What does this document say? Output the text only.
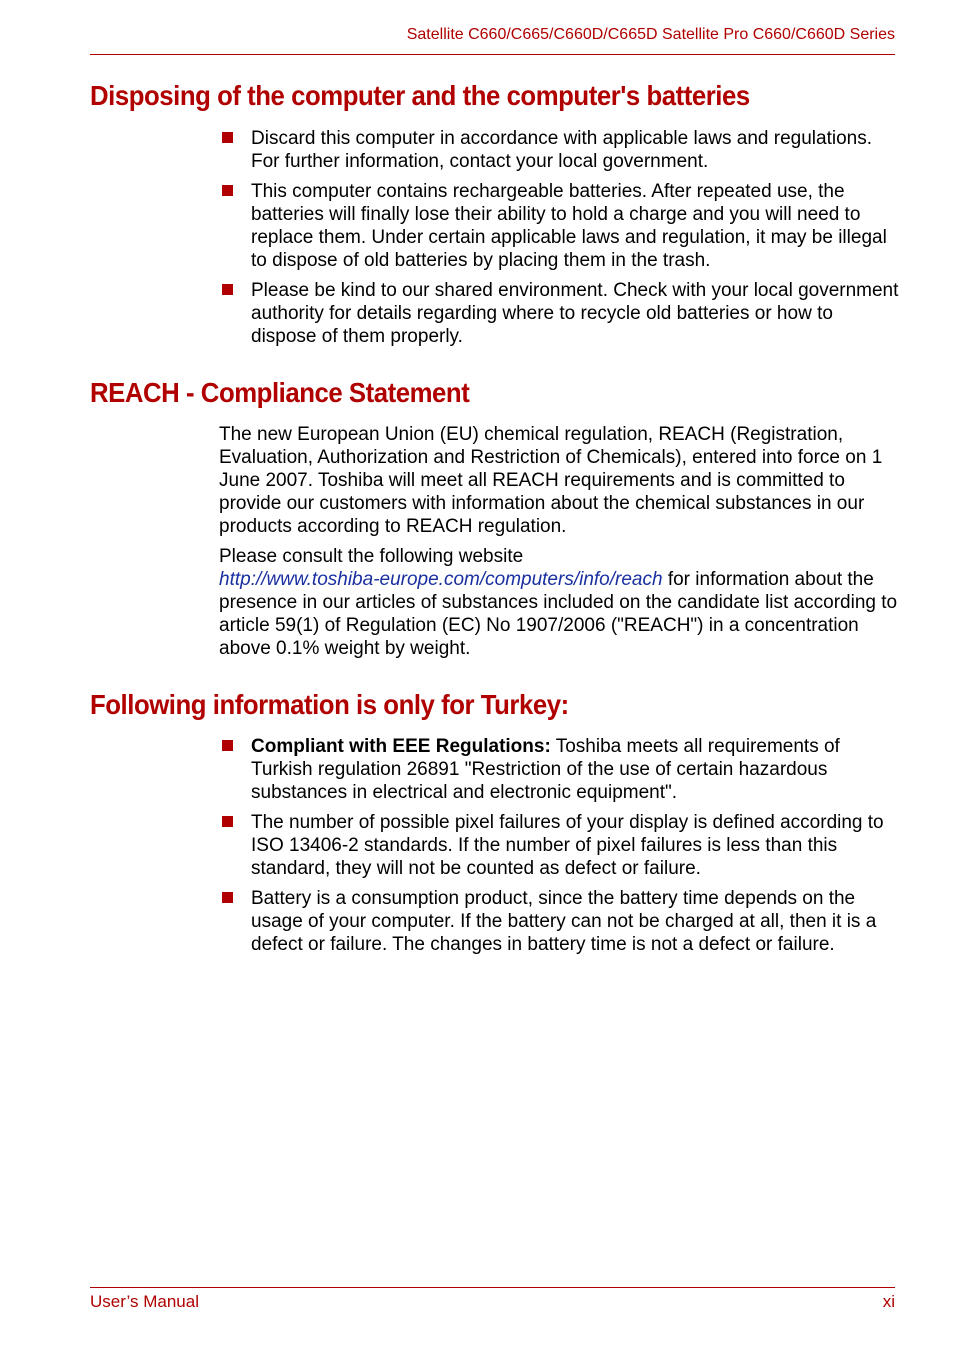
Satellite C660/C665/C660D/C665D Satellite Pro C660/C660D Series
Disposing of the computer and the computer's batteries
Discard this computer in accordance with applicable laws and regulations. For further information, contact your local government.
This computer contains rechargeable batteries. After repeated use, the batteries will finally lose their ability to hold a charge and you will need to replace them. Under certain applicable laws and regulation, it may be illegal to dispose of old batteries by placing them in the trash.
Please be kind to our shared environment. Check with your local government authority for details regarding where to recycle old batteries or how to dispose of them properly.
REACH - Compliance Statement

The new European Union (EU) chemical regulation, REACH (Registration, Evaluation, Authorization and Restriction of Chemicals), entered into force on 1 June 2007. Toshiba will meet all REACH requirements and is committed to provide our customers with information about the chemical substances in our products according to REACH regulation.

Please consult the following website
http://www.toshiba-europe.com/computers/info/reach for information about the presence in our articles of substances included on the candidate list according to article 59(1) of Regulation (EC) No 1907/2006 ("REACH") in a concentration above 0.1% weight by weight.

Following information is only for Turkey:
Compliant with EEE Regulations: Toshiba meets all requirements of Turkish regulation 26891 "Restriction of the use of certain hazardous substances in electrical and electronic equipment".
The number of possible pixel failures of your display is defined according to ISO 13406-2 standards. If the number of pixel failures is less than this standard, they will not be counted as defect or failure.
Battery is a consumption product, since the battery time depends on the usage of your computer. If the battery can not be charged at all, then it is a defect or failure. The changes in battery time is not a defect or failure.
User’s Manual	xi
